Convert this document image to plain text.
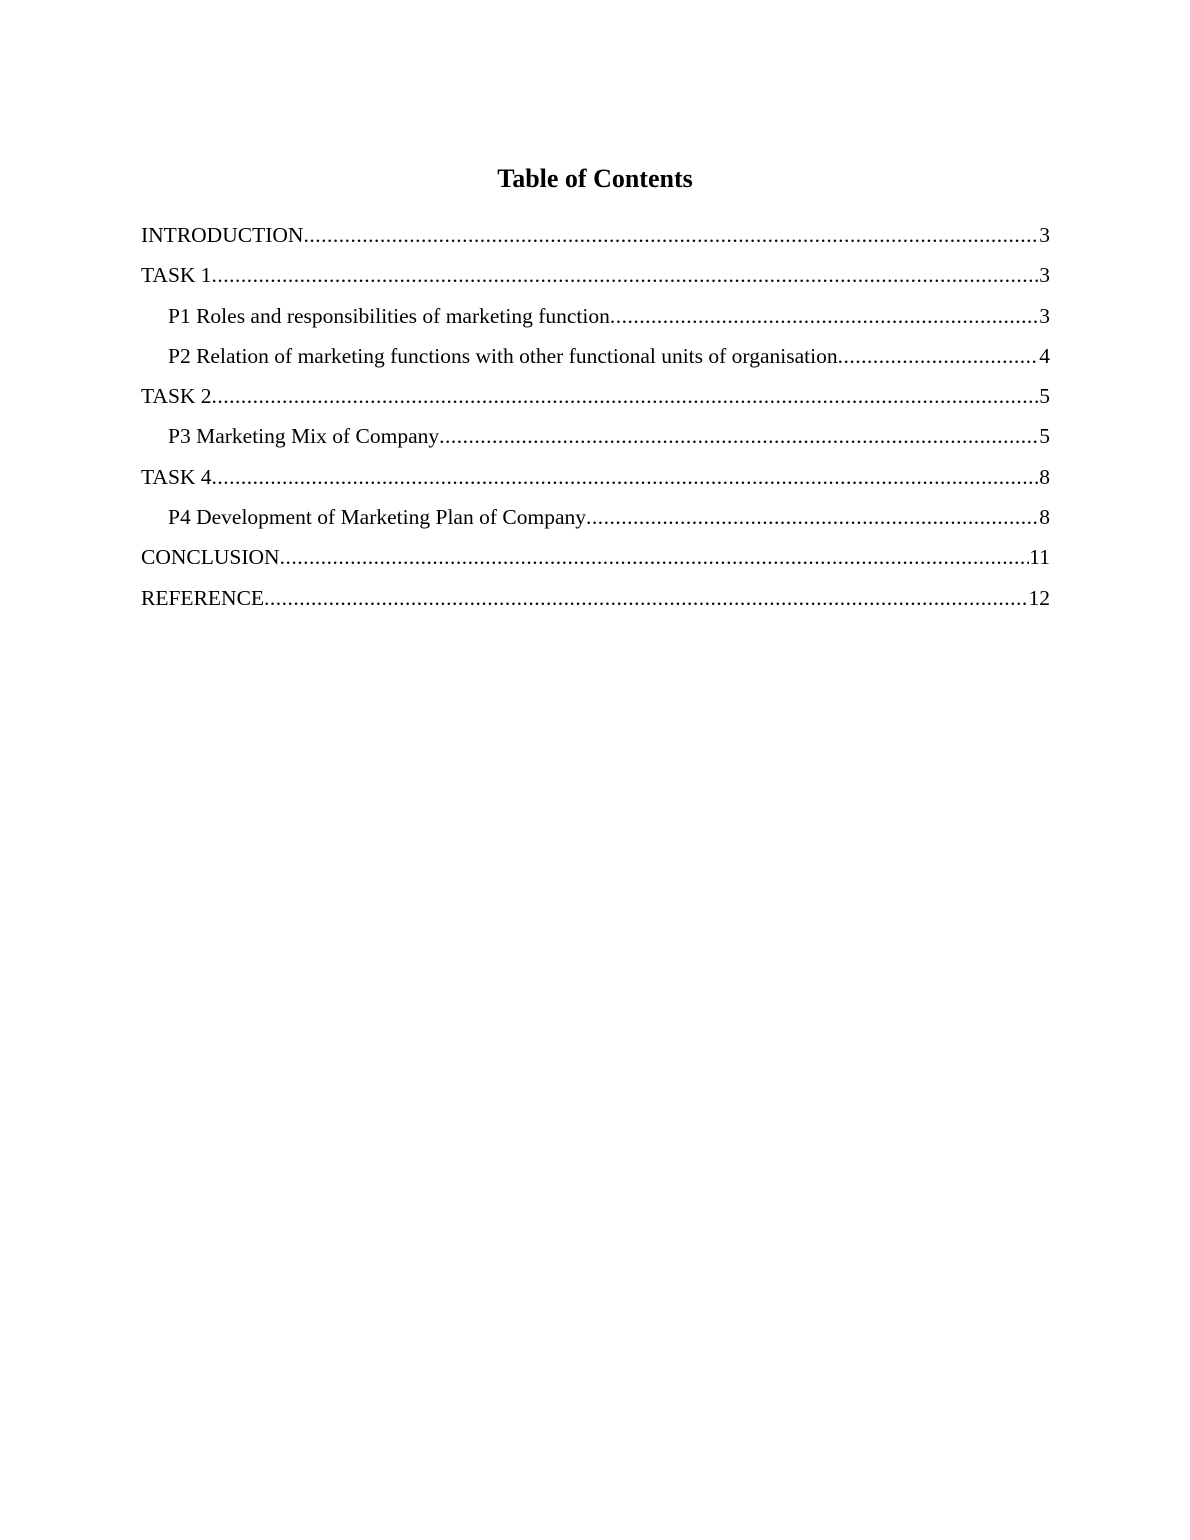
Table of Contents
INTRODUCTION .....	3
TASK 1 .....	3
P1 Roles and responsibilities of marketing function .....	3
P2 Relation of marketing functions with other functional units of organisation .....	4
TASK 2 .....	5
P3 Marketing Mix of Company .....	5
TASK 4 .....	8
P4 Development of Marketing Plan of Company .....	8
CONCLUSION .....	11
REFERENCE .....	12
